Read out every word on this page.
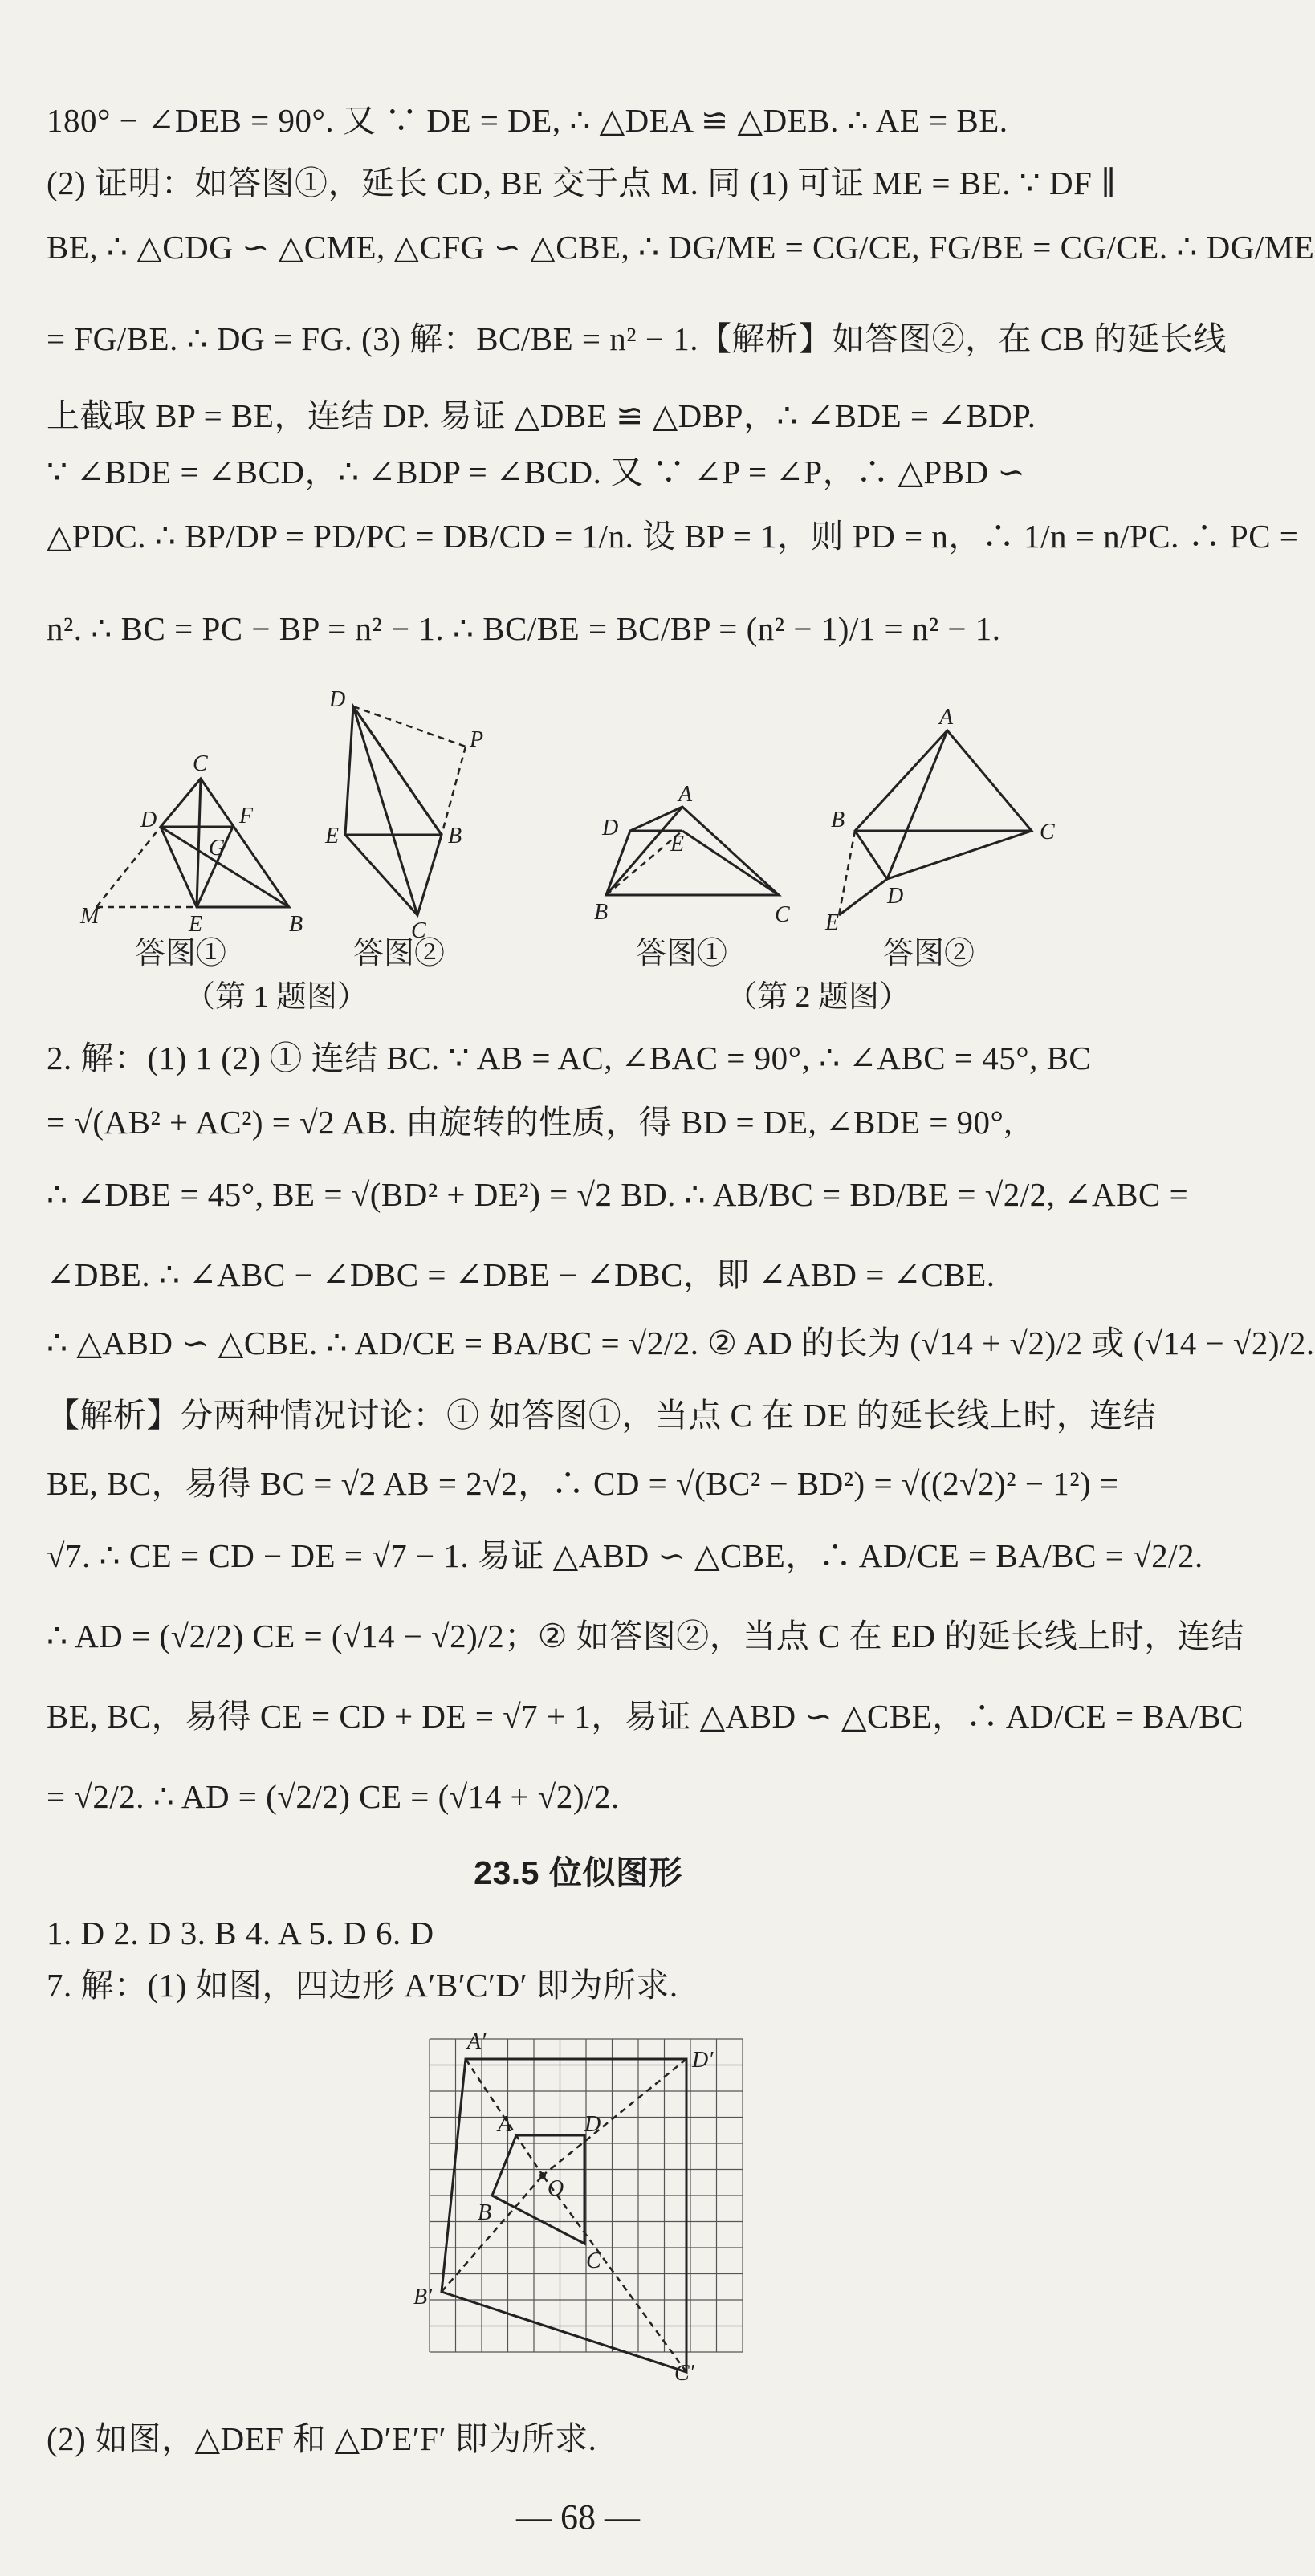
180° − ∠DEB = 90°. 又 ∵ DE = DE, ∴ △DEA ≌ △DEB. ∴ AE = BE.
(2) 证明：如答图①，延长 CD, BE 交于点 M. 同 (1) 可证 ME = BE. ∵ DF ∥
BE, ∴ △CDG ∽ △CME, △CFG ∽ △CBE, ∴ DG/ME = CG/CE, FG/BE = CG/CE. ∴ DG/ME
= FG/BE. ∴ DG = FG. (3) 解：BC/BE = n² − 1.【解析】如答图②，在 CB 的延长线
上截取 BP = BE，连结 DP. 易证 △DBE ≌ △DBP，∴ ∠BDE = ∠BDP.
∵ ∠BDE = ∠BCD，∴ ∠BDP = ∠BCD. 又 ∵ ∠P = ∠P，∴ △PBD ∽
△PDC. ∴ BP/DP = PD/PC = DB/CD = 1/n. 设 BP = 1，则 PD = n，∴ 1/n = n/PC. ∴ PC =
n². ∴ BC = PC − BP = n² − 1. ∴ BC/BE = BC/BP = (n² − 1)/1 = n² − 1.
C
D	F
G
M	E	B
D
P
E	B
C
A
D
E
B	C
A
B	C
D
E
答图①	答图②	答图①	答图②
（第 1 题图）	（第 2 题图）
2. 解：(1) 1 (2) ① 连结 BC. ∵ AB = AC, ∠BAC = 90°, ∴ ∠ABC = 45°, BC
= √(AB² + AC²) = √2 AB. 由旋转的性质，得 BD = DE, ∠BDE = 90°,
∴ ∠DBE = 45°, BE = √(BD² + DE²) = √2 BD. ∴ AB/BC = BD/BE = √2/2, ∠ABC =
∠DBE. ∴ ∠ABC − ∠DBC = ∠DBE − ∠DBC，即 ∠ABD = ∠CBE.
∴ △ABD ∽ △CBE. ∴ AD/CE = BA/BC = √2/2. ② AD 的长为 (√14 + √2)/2 或 (√14 − √2)/2.
【解析】分两种情况讨论：① 如答图①，当点 C 在 DE 的延长线上时，连结
BE, BC，易得 BC = √2 AB = 2√2，∴ CD = √(BC² − BD²) = √((2√2)² − 1²) =
√7. ∴ CE = CD − DE = √7 − 1. 易证 △ABD ∽ △CBE，∴ AD/CE = BA/BC = √2/2.
∴ AD = (√2/2) CE = (√14 − √2)/2；② 如答图②，当点 C 在 ED 的延长线上时，连结
BE, BC，易得 CE = CD + DE = √7 + 1，易证 △ABD ∽ △CBE，∴ AD/CE = BA/BC
= √2/2. ∴ AD = (√2/2) CE = (√14 + √2)/2.
23.5 位似图形
1. D 2. D 3. B 4. A 5. D 6. D
7. 解：(1) 如图，四边形 A′B′C′D′ 即为所求.
A′
D′
A	D
O
B
C
B′
C′
(2) 如图，△DEF 和 △D′E′F′ 即为所求.
— 68 —
